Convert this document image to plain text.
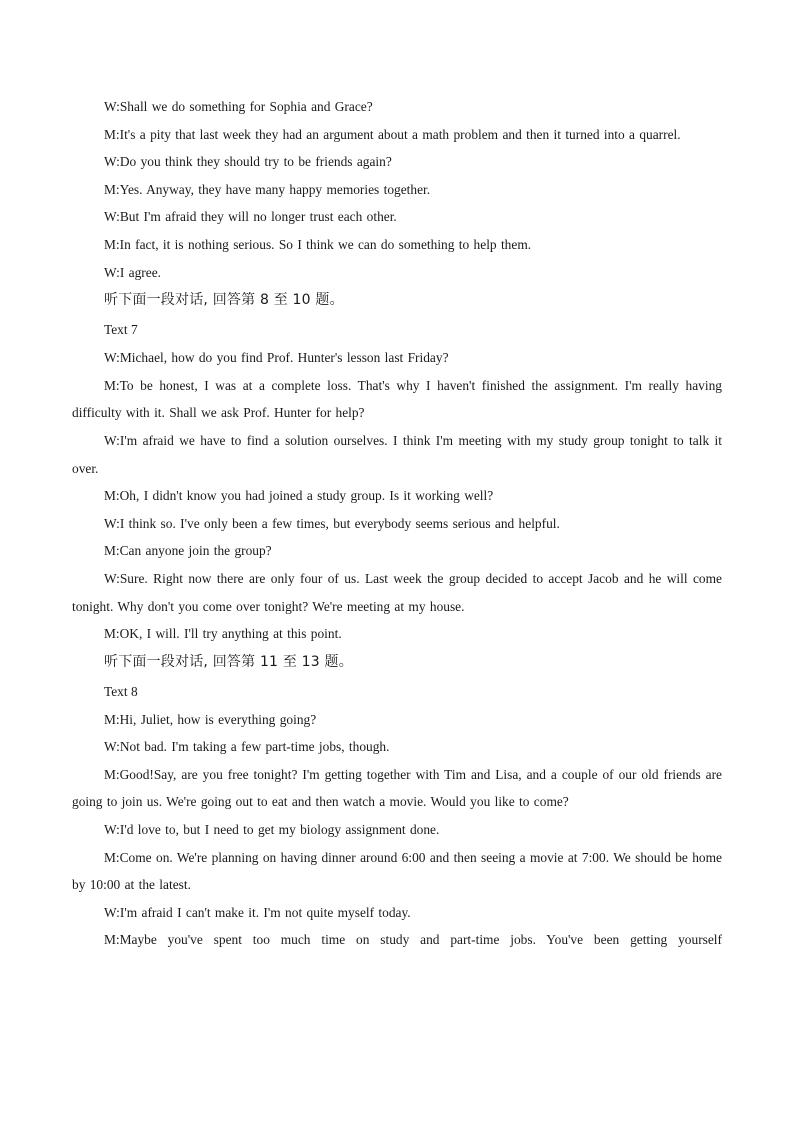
W:Shall we do something for Sophia and Grace?

M:It's a pity that last week they had an argument about a math problem and then it turned into a quarrel.

W:Do you think they should try to be friends again?

M:Yes. Anyway, they have many happy memories together.

W:But I'm afraid they will no longer trust each other.

M:In fact, it is nothing serious. So I think we can do something to help them.

W:I agree.

听下面一段对话, 回答第 8 至 10 题。

Text 7

W:Michael, how do you find Prof. Hunter's lesson last Friday?

M:To be honest, I was at a complete loss. That's why I haven't finished the assignment. I'm really having difficulty with it. Shall we ask Prof. Hunter for help?

W:I'm afraid we have to find a solution ourselves. I think I'm meeting with my study group tonight to talk it over.

M:Oh, I didn't know you had joined a study group. Is it working well?

W:I think so. I've only been a few times, but everybody seems serious and helpful.

M:Can anyone join the group?

W:Sure. Right now there are only four of us. Last week the group decided to accept Jacob and he will come tonight. Why don't you come over tonight? We're meeting at my house.

M:OK, I will. I'll try anything at this point.

听下面一段对话, 回答第 11 至 13 题。

Text 8

M:Hi, Juliet, how is everything going?

W:Not bad. I'm taking a few part-time jobs, though.

M:Good!Say, are you free tonight? I'm getting together with Tim and Lisa, and a couple of our old friends are going to join us. We're going out to eat and then watch a movie. Would you like to come?

W:I'd love to, but I need to get my biology assignment done.

M:Come on. We're planning on having dinner around 6:00 and then seeing a movie at 7:00. We should be home by 10:00 at the latest.

W:I'm afraid I can't make it. I'm not quite myself today.

M:Maybe you've spent too much time on study and part-time jobs. You've been getting yourself
